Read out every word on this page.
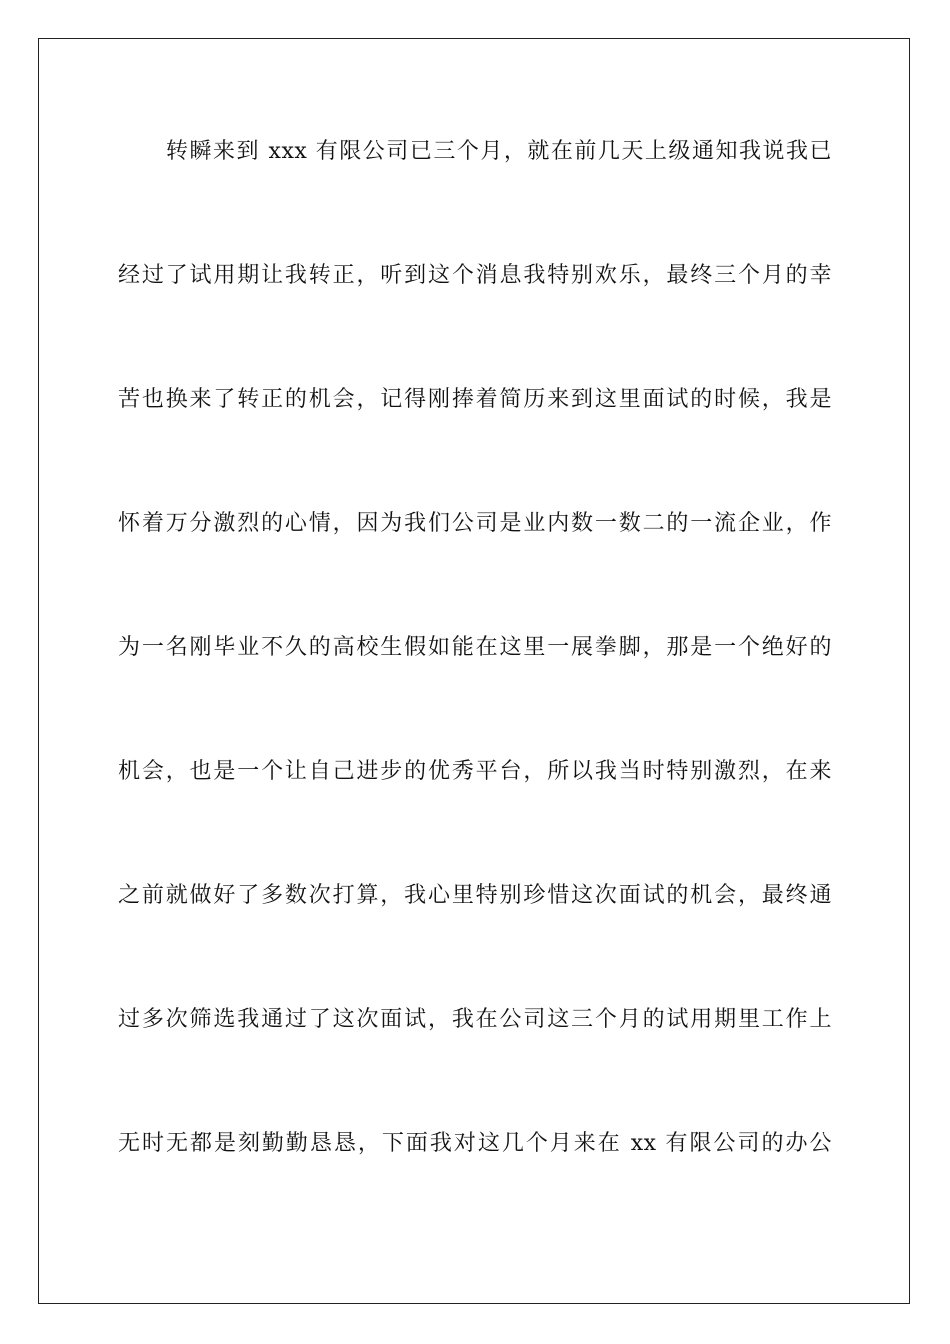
转瞬来到 xxx 有限公司已三个月，就在前几天上级通知我说我已
经过了试用期让我转正，听到这个消息我特别欢乐，最终三个月的幸
苦也换来了转正的机会，记得刚捧着简历来到这里面试的时候，我是
怀着万分激烈的心情，因为我们公司是业内数一数二的一流企业，作
为一名刚毕业不久的高校生假如能在这里一展拳脚，那是一个绝好的
机会，也是一个让自己进步的优秀平台，所以我当时特别激烈，在来
之前就做好了多数次打算，我心里特别珍惜这次面试的机会，最终通
过多次筛选我通过了这次面试，我在公司这三个月的试用期里工作上
无时无都是刻勤勤恳恳，下面我对这几个月来在 xx 有限公司的办公
